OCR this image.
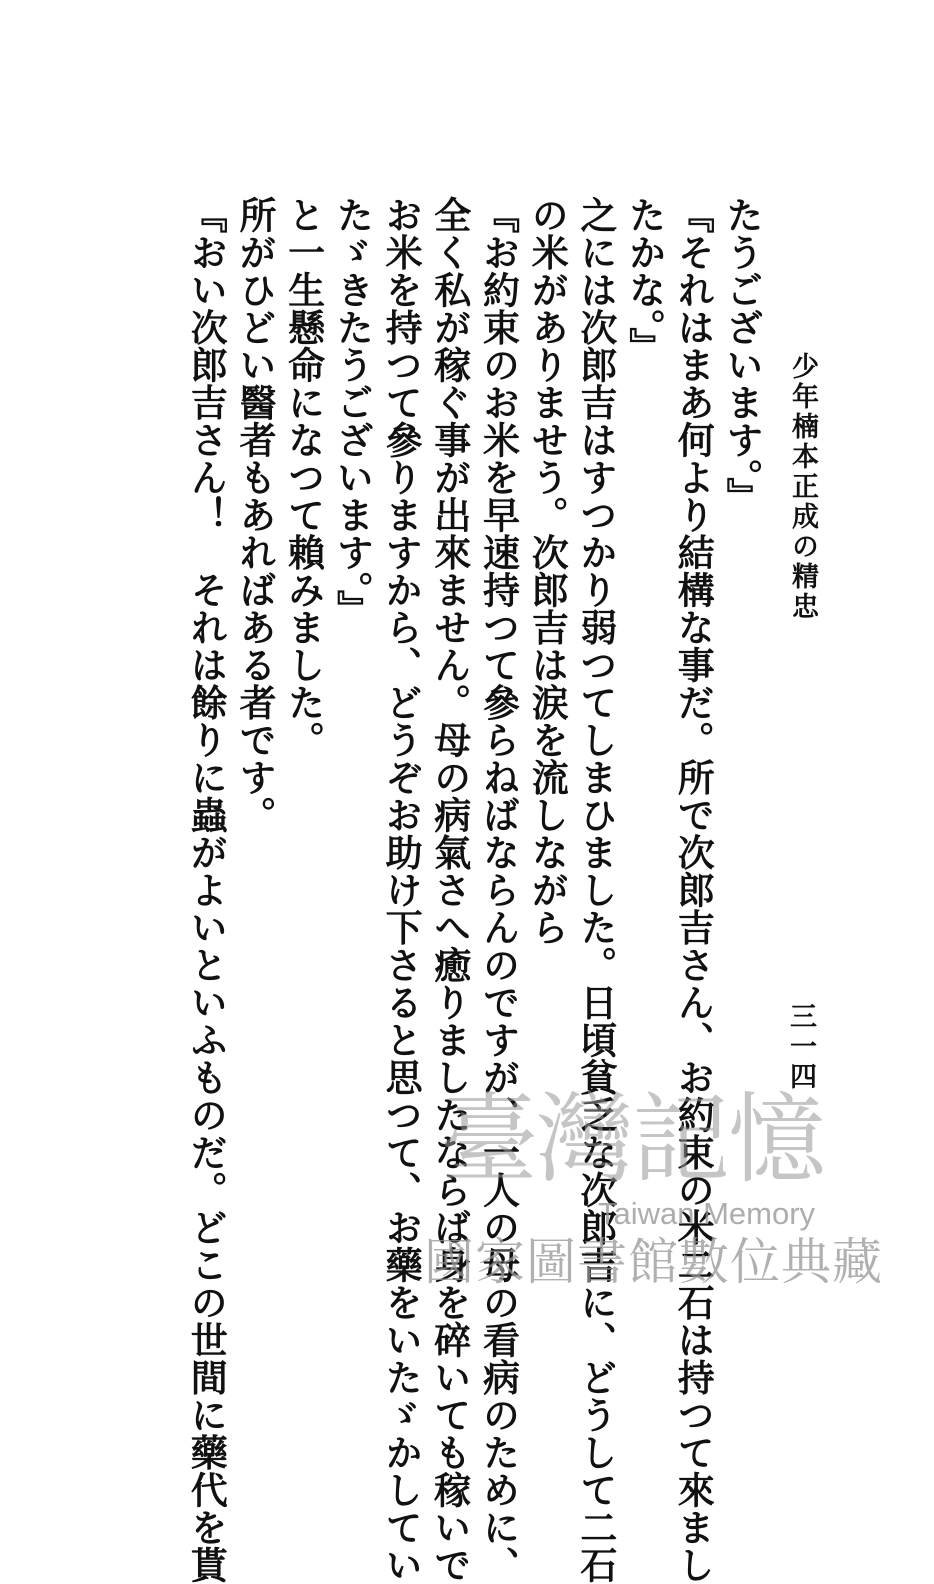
少年楠本正成の精忠
三一四
たうございます。』
『それはまあ何より結構な事だ。所で次郎吉さん、お約束の米二石は持つて來まし
たかな。』
之には次郎吉はすつかり弱つてしまひました。日頃貧乏な次郎吉に、どうして二石
の米がありませう。次郎吉は涙を流しながら
『お約束のお米を早速持つて參らねばならんのですが、一人の母の看病のために、
全く私が稼ぐ事が出來ません。母の病氣さへ癒りましたならば身を碎いても稼いで
お米を持つて參りますから、どうぞお助け下さると思つて、お藥をいたゞかしてい
たゞきたうございます。』
と一生懸命になつて賴みました。
所がひどい醫者もあればある者です。
『おい次郎吉さん！　それは餘りに蟲がよいといふものだ。どこの世間に藥代を貰 臺灣記憶
Taiwan Memory
國家圖書館數位典藏
